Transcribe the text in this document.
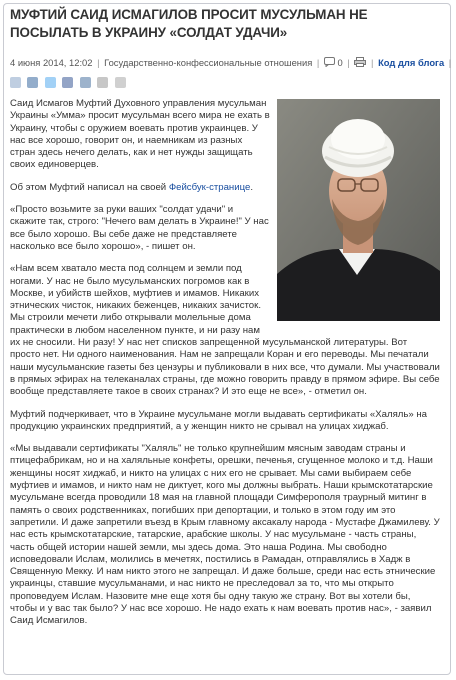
МУФТИЙ САИД ИСМАГИЛОВ ПРОСИТ МУСУЛЬМАН НЕ ПОСЫЛАТЬ В УКРАИНУ «СОЛДАТ УДАЧИ»
4 июня 2014, 12:02 | Государственно-конфессиональные отношения | 0 | | Код для блога |

Саид Исмагов Муфтий Духовного управления мусульман Украины «Умма» просит мусульман всего мира не ехать в Украину, чтобы с оружием воевать против украинцев. У нас все хорошо, говорит он, и наемникам из разных стран здесь нечего делать, как и нет нужды защищать своих единоверцев.

Об этом Муфтий написал на своей Фейсбук-странице.

«Просто возьмите за руки ваших "солдат удачи" и скажите так, строго: "Нечего вам делать в Украине!" У нас все было хорошо. Вы себе даже не представляете насколько все было хорошо», - пишет он.

«Нам всем хватало места под солнцем и земли под ногами. У нас не было мусульманских погромов как в Москве, и убийств шейхов, муфтиев и имамов. Никаких этнических чисток, никаких беженцев, никаких зачисток. Мы строили мечети либо открывали молельные дома практически в любом населенном пункте, и ни разу нам их не сносили. Ни разу! У нас нет списков запрещенной мусульманской литературы. Вот просто нет. Ни одного наименования. Нам не запрещали Коран и его переводы. Мы печатали наши мусульманские газеты без цензуры и публиковали в них все, что думали. Мы участвовали в прямых эфирах на телеканалах страны, где можно говорить правду в прямом эфире. Вы себе вообще представляете такое в своих странах? И это еще не все», - отметил он.

Муфтий подчеркивает, что в Украине мусульмане могли выдавать сертификаты «Халяль» на продукцию украинских предприятий, а у женщин никто не срывал на улицах хиджаб.

«Мы выдавали сертификаты "Халяль" не только крупнейшим мясным заводам страны и птицефабрикам, но и на халяльные конфеты, орешки, печенья, сгущенное молоко и т.д. Наши женщины носят хиджаб, и никто на улицах с них его не срывает. Мы сами выбираем себе муфтиев и имамов, и никто нам не диктует, кого мы должны выбрать. Наши крымскотатарские мусульмане всегда проводили 18 мая на главной площади Симферополя траурный митинг в память о своих родственниках, погибших при депортации, и только в этом году им это запретили. И даже запретили въезд в Крым главному аксакалу народа - Мустафе Джамилеву. У нас есть крымскотатарские, татарские, арабские школы. У нас мусульмане - часть страны, часть общей истории нашей земли, мы здесь дома. Это наша Родина. Мы свободно исповедовали Ислам, молились в мечетях, постились в Рамадан, отправлялись в Хадж в Священную Мекку. И нам никто этого не запрещал. И даже больше, среди нас есть этнические украинцы, ставшие мусульманами, и нас никто не преследовал за то, что мы открыто проповедуем Ислам. Назовите мне еще хотя бы одну такую же страну. Вот вы хотели бы, чтобы и у вас так было? У нас все хорошо. Не надо ехать к нам воевать против нас», - заявил Саид Исмагилов.
